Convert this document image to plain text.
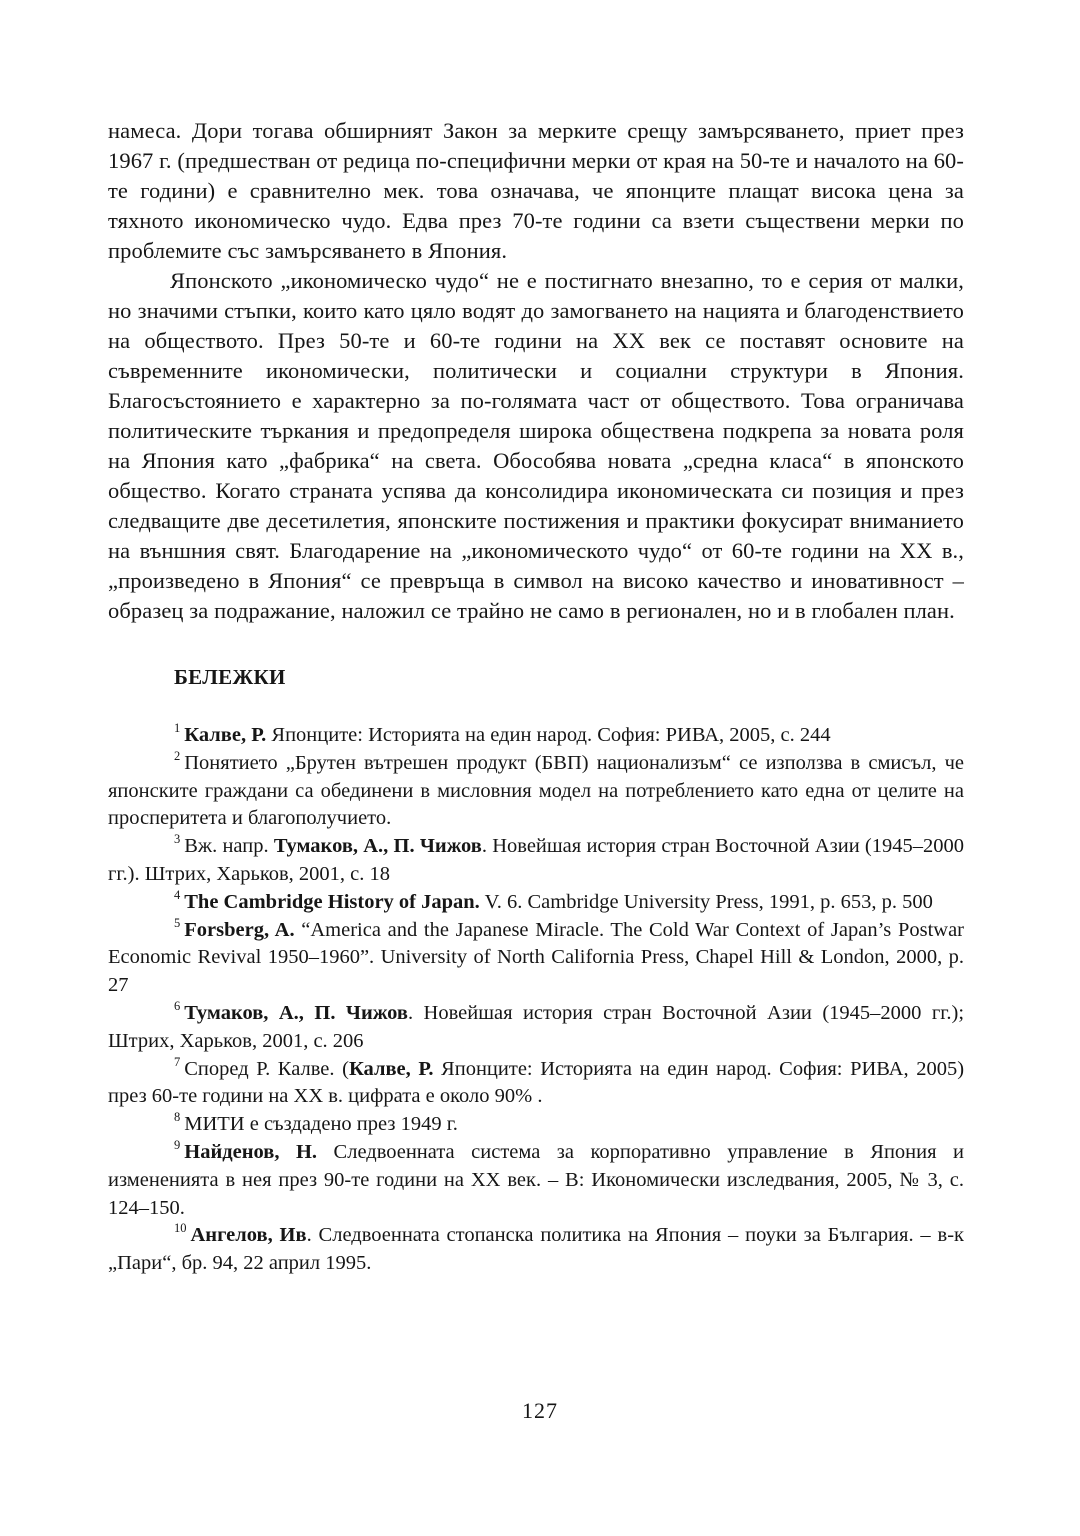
намеса. Дори тогава обширният Закон за мерките срещу замърсяването, приет през 1967 г. (предшестван от редица по-специфични мерки от края на 50-те и началото на 60-те години) е сравнително мек. това означава, че японците плащат висока цена за тяхното икономическо чудо. Едва през 70-те години са взети съществени мерки по проблемите със замърсяването в Япония.

Японското „икономическо чудо“ не е постигнато внезапно, то е серия от малки, но значими стъпки, които като цяло водят до замогването на нацията и благоденствието на обществото. През 50-те и 60-те години на ХХ век се поставят основите на съвременните икономически, политически и социални структури в Япония. Благосъстоянието е характерно за по-голямата част от обществото. Това ограничава политическите търкания и предопределя широка обществена подкрепа за новата роля на Япония като „фабрика“ на света. Обособява новата „средна класа“ в японското общество. Когато страната успява да консолидира икономическата си позиция и през следващите две десетилетия, японските постижения и практики фокусират вниманието на външния свят. Благодарение на „икономическото чудо“ от 60-те години на ХХ в., „произведено в Япония“ се превръща в символ на високо качество и иновативност – образец за подражание, наложил се трайно не само в регионален, но и в глобален план.

БЕЛЕЖКИ

$^1$ Калве, Р. Японците: Историята на един народ. София: РИВА, 2005, с. 244

$^2$ Понятието „Брутен вътрешен продукт (БВП) национализъм“ се използва в смисъл, че японските граждани са обединени в мисловния модел на потреблението като една от целите на просперитета и благополучието.

$^3$ Вж. напр. Тумаков, А., П. Чижов. Новейшая история стран Восточной Азии (1945–2000 гг.). Штрих, Харьков, 2001, с. 18

$^4$ The Cambridge History of Japan. V. 6. Cambridge University Press, 1991, p. 653, p. 500

$^5$ Forsberg, A. “America and the Japanese Miracle. The Cold War Context of Japan’s Postwar Economic Revival 1950–1960”. University of North California Press, Chapel Hill & London, 2000, p. 27

$^6$ Тумаков, А., П. Чижов. Новейшая история стран Восточной Азии (1945–2000 гг.); Штрих, Харьков, 2001, с. 206

$^7$ Според Р. Калве. (Калве, Р. Японците: Историята на един народ. София: РИВА, 2005) през 60-те години на ХХ в. цифрата е около 90% .

$^8$ МИТИ е създадено през 1949 г.

$^9$ Найденов, Н. Следвоенната система за корпоративно управление в Япония и измененията в нея през 90-те години на ХХ век. – В: Икономически изследвания, 2005, № 3, с. 124–150.

$^{10}$ Ангелов, Ив. Следвоенната стопанска политика на Япония – поуки за България. – в-к „Пари“, бр. 94, 22 април 1995.

127
